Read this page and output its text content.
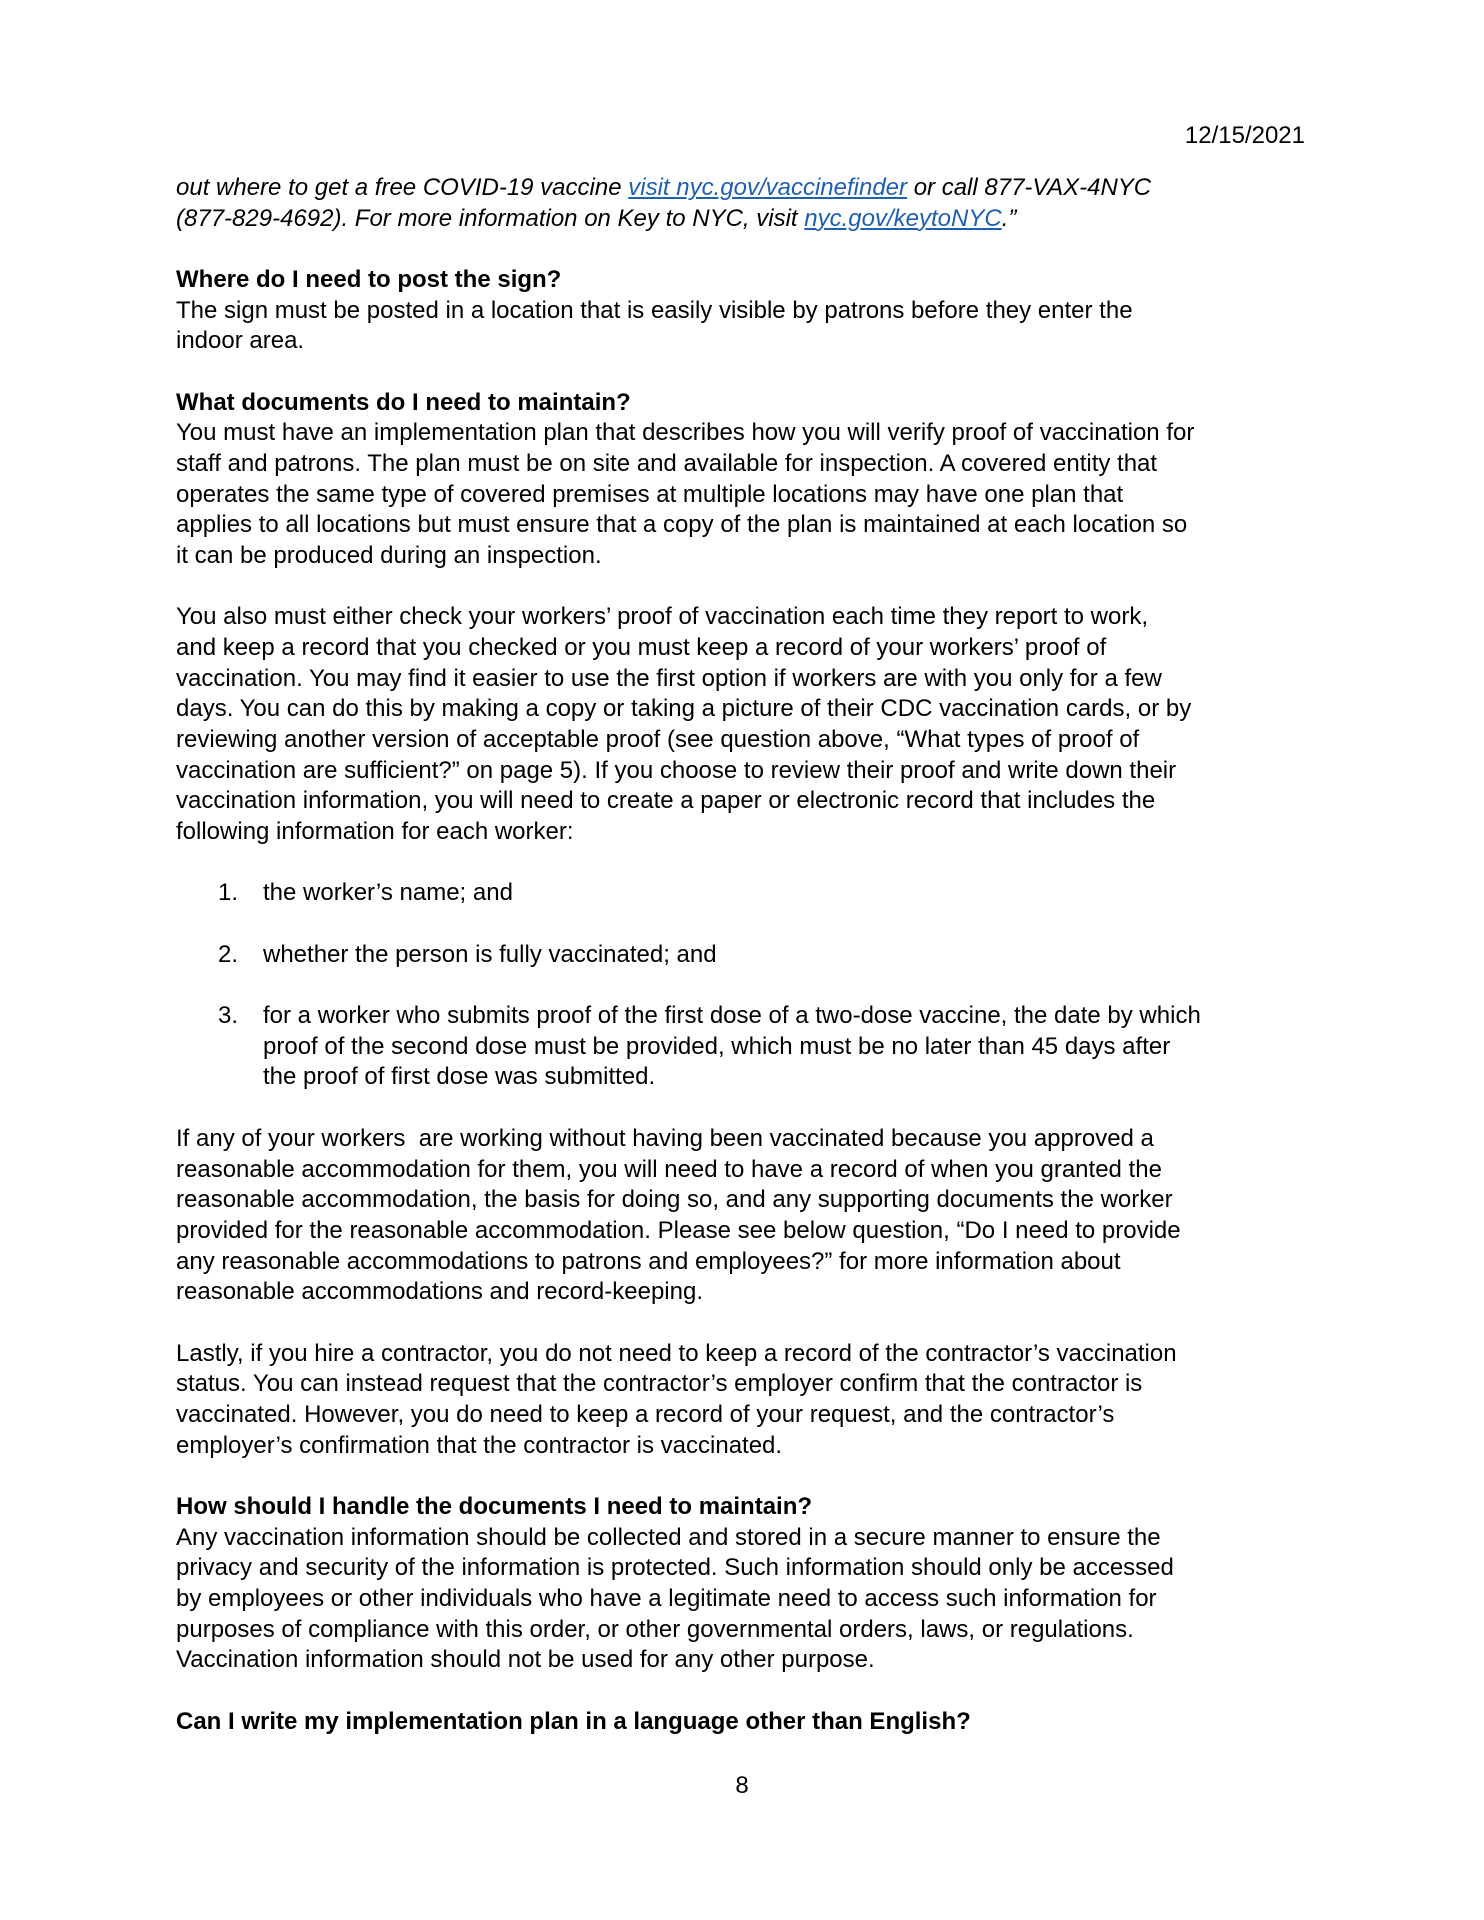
12/15/2021
out where to get a free COVID-19 vaccine visit nyc.gov/vaccinefinder or call 877-VAX-4NYC
(877-829-4692). For more information on Key to NYC, visit nyc.gov/keytoNYC.”
Where do I need to post the sign?
The sign must be posted in a location that is easily visible by patrons before they enter the
indoor area.
What documents do I need to maintain?
You must have an implementation plan that describes how you will verify proof of vaccination for
staff and patrons. The plan must be on site and available for inspection. A covered entity that
operates the same type of covered premises at multiple locations may have one plan that
applies to all locations but must ensure that a copy of the plan is maintained at each location so
it can be produced during an inspection.
You also must either check your workers’ proof of vaccination each time they report to work,
and keep a record that you checked or you must keep a record of your workers’ proof of
vaccination. You may find it easier to use the first option if workers are with you only for a few
days. You can do this by making a copy or taking a picture of their CDC vaccination cards, or by
reviewing another version of acceptable proof (see question above, “What types of proof of
vaccination are sufficient?” on page 5). If you choose to review their proof and write down their
vaccination information, you will need to create a paper or electronic record that includes the
following information for each worker:
1. the worker’s name; and
2. whether the person is fully vaccinated; and
3. for a worker who submits proof of the first dose of a two-dose vaccine, the date by which
proof of the second dose must be provided, which must be no later than 45 days after
the proof of first dose was submitted.
If any of your workers  are working without having been vaccinated because you approved a
reasonable accommodation for them, you will need to have a record of when you granted the
reasonable accommodation, the basis for doing so, and any supporting documents the worker
provided for the reasonable accommodation. Please see below question, “Do I need to provide
any reasonable accommodations to patrons and employees?” for more information about
reasonable accommodations and record-keeping.
Lastly, if you hire a contractor, you do not need to keep a record of the contractor’s vaccination
status. You can instead request that the contractor’s employer confirm that the contractor is
vaccinated. However, you do need to keep a record of your request, and the contractor’s
employer’s confirmation that the contractor is vaccinated.
How should I handle the documents I need to maintain?
Any vaccination information should be collected and stored in a secure manner to ensure the
privacy and security of the information is protected. Such information should only be accessed
by employees or other individuals who have a legitimate need to access such information for
purposes of compliance with this order, or other governmental orders, laws, or regulations.
Vaccination information should not be used for any other purpose.
Can I write my implementation plan in a language other than English?
8
